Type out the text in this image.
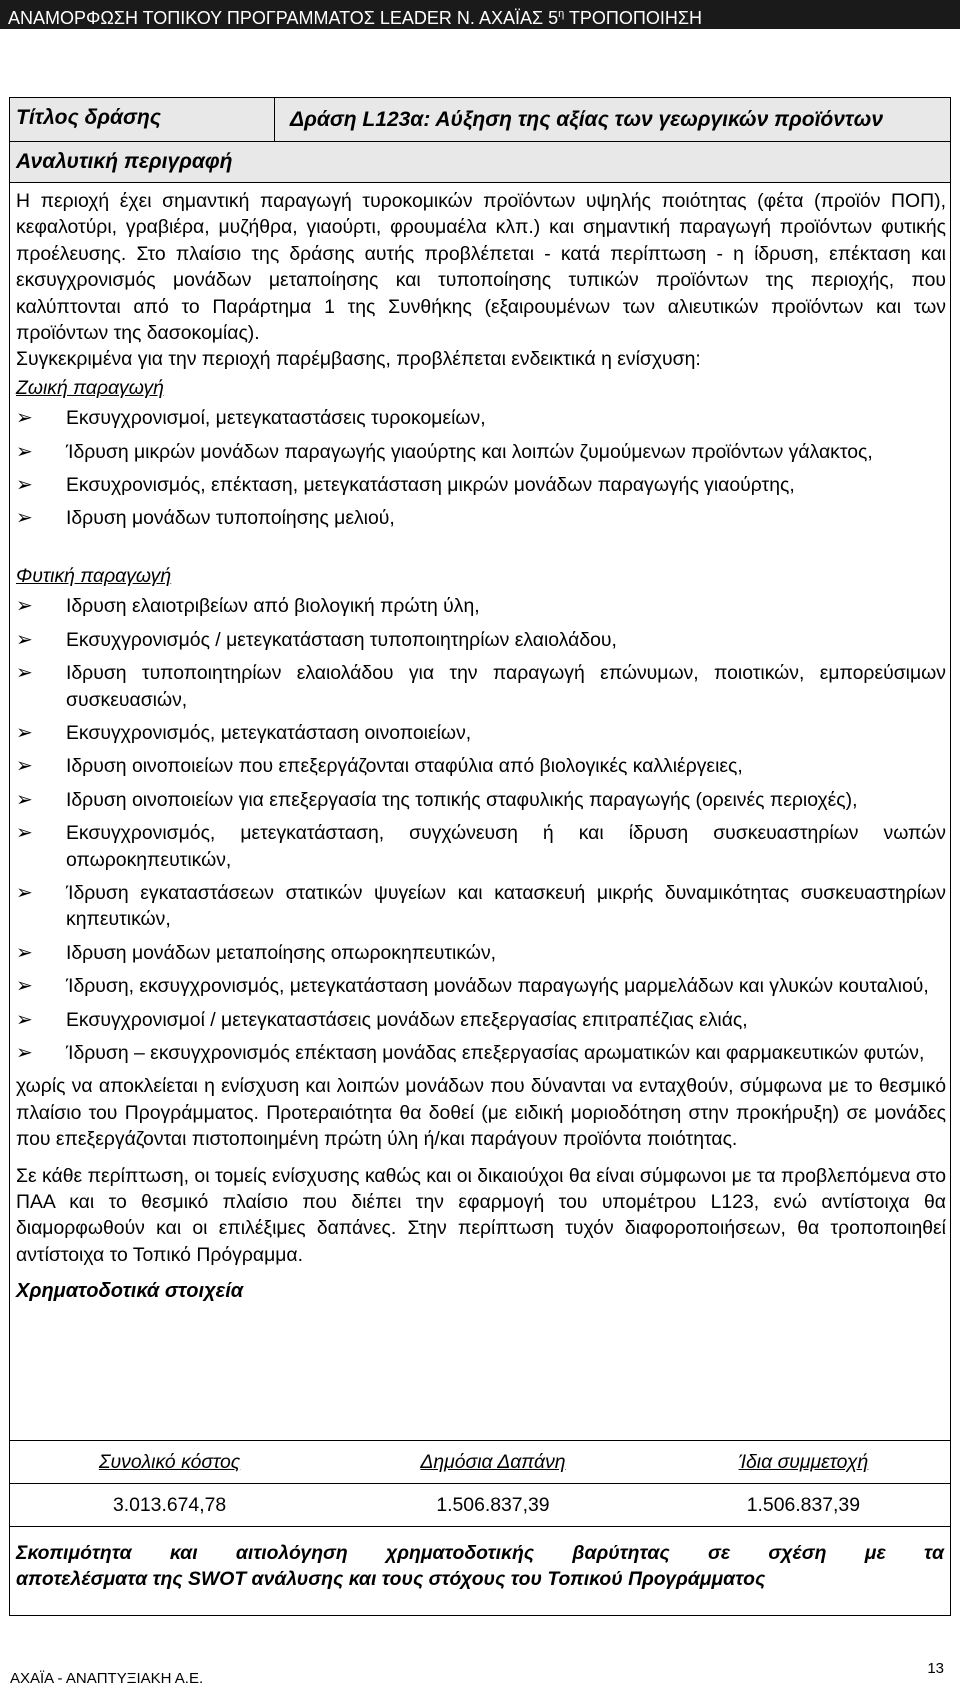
ΑΝΑΜΟΡΦΩΣΗ ΤΟΠΙΚΟΥ ΠΡΟΓΡΑΜΜΑΤΟΣ LEADER Ν. ΑΧΑΪΑΣ $5^\eta$ ΤΡΟΠΟΠΟΙΗΣΗ
Τίτλος δράσης	Δράση L123α: Αύξηση της αξίας των γεωργικών προϊόντων
Αναλυτική περιγραφή

Η περιοχή έχει σημαντική παραγωγή τυροκομικών προϊόντων υψηλής ποιότητας (φέτα (προϊόν ΠΟΠ), κεφαλοτύρι, γραβιέρα, μυζήθρα, γιαούρτι, φρουμαέλα κλπ.) και σημαντική παραγωγή προϊόντων φυτικής προέλευσης. Στο πλαίσιο της δράσης αυτής προβλέπεται - κατά περίπτωση - η ίδρυση, επέκταση και εκσυγχρονισμός μονάδων μεταποίησης και τυποποίησης τυπικών προϊόντων της περιοχής, που καλύπτονται από το Παράρτημα 1 της Συνθήκης (εξαιρουμένων των αλιευτικών προϊόντων και των προϊόντων της δασοκομίας).

Συγκεκριμένα για την περιοχή παρέμβασης, προβλέπεται ενδεικτικά η ενίσχυση:

Ζωική παραγωγή
➢ Εκσυγχρονισμοί, μετεγκαταστάσεις τυροκομείων,
➢ Ίδρυση μικρών μονάδων παραγωγής γιαούρτης και λοιπών ζυμούμενων προϊόντων γάλακτος,
➢ Εκσυχρονισμός, επέκταση, μετεγκατάσταση μικρών μονάδων παραγωγής γιαούρτης,
➢ Ιδρυση μονάδων τυποποίησης μελιού,
Φυτική παραγωγή
➢ Ιδρυση ελαιοτριβείων από βιολογική πρώτη ύλη,
➢ Εκσυχγρονισμός / μετεγκατάσταση τυποποιητηρίων ελαιολάδου,
➢ Ιδρυση τυποποιητηρίων ελαιολάδου για την παραγωγή επώνυμων, ποιοτικών, εμπορεύσιμων συσκευασιών,
➢ Εκσυγχρονισμός, μετεγκατάσταση οινοποιείων,
➢ Ιδρυση οινοποιείων που επεξεργάζονται σταφύλια από βιολογικές καλλιέργειες,
➢ Ιδρυση οινοποιείων για επεξεργασία της τοπικής σταφυλικής παραγωγής (ορεινές περιοχές),
➢ Εκσυγχρονισμός, μετεγκατάσταση, συγχώνευση ή και ίδρυση συσκευαστηρίων νωπών οπωροκηπευτικών,
➢ Ίδρυση εγκαταστάσεων στατικών ψυγείων και κατασκευή μικρής δυναμικότητας συσκευαστηρίων κηπευτικών,
➢ Ιδρυση μονάδων μεταποίησης οπωροκηπευτικών,
➢ Ίδρυση, εκσυγχρονισμός, μετεγκατάσταση μονάδων παραγωγής μαρμελάδων και γλυκών κουταλιού,
➢ Εκσυγχρονισμοί / μετεγκαταστάσεις μονάδων επεξεργασίας επιτραπέζιας ελιάς,
➢ Ίδρυση – εκσυγχρονισμός επέκταση μονάδας επεξεργασίας αρωματικών και φαρμακευτικών φυτών,

χωρίς να αποκλείεται η ενίσχυση και λοιπών μονάδων που δύνανται να ενταχθούν, σύμφωνα με το θεσμικό πλαίσιο του Προγράμματος. Προτεραιότητα θα δοθεί (με ειδική μοριοδότηση στην προκήρυξη) σε μονάδες που επεξεργάζονται πιστοποιημένη πρώτη ύλη ή/και παράγουν προϊόντα ποιότητας.

Σε κάθε περίπτωση, οι τομείς ενίσχυσης καθώς και οι δικαιούχοι θα είναι σύμφωνοι με τα προβλεπόμενα στο ΠΑΑ και το θεσμικό πλαίσιο που διέπει την εφαρμογή του υπομέτρου L123, ενώ αντίστοιχα θα διαμορφωθούν και οι επιλέξιμες δαπάνες. Στην περίπτωση τυχόν διαφοροποιήσεων, θα τροποποιηθεί αντίστοιχα το Τοπικό Πρόγραμμα.

Χρηματοδοτικά στοιχεία
Συνολικό κόστος	Δημόσια Δαπάνη	Ίδια συμμετοχή
3.013.674,78	1.506.837,39	1.506.837,39
Σκοπιμότητα και αιτιολόγηση χρηματοδοτικής βαρύτητας σε σχέση με τα
αποτελέσματα της SWOT ανάλυσης και τους στόχους του Τοπικού Προγράμματος
ΑΧΑΪΑ - ΑΝΑΠΤΥΞΙΑΚΗ Α.Ε.
13
